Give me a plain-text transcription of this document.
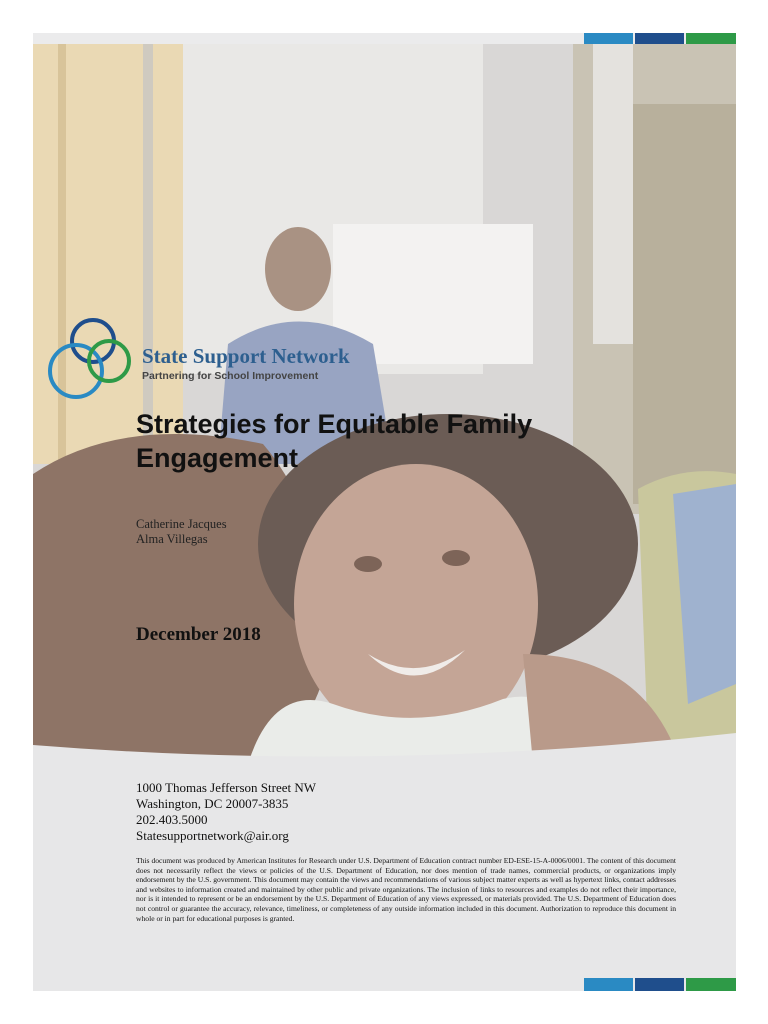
State Support Network
Partnering for School Improvement
Strategies for Equitable Family Engagement
Catherine Jacques
Alma Villegas
December 2018
1000 Thomas Jefferson Street NW
Washington, DC 20007-3835
202.403.5000
Statesupportnetwork@air.org

This document was produced by American Institutes for Research under U.S. Department of Education contract number ED-ESE-15-A-0006/0001. The content of this document does not necessarily reflect the views or policies of the U.S. Department of Education, nor does mention of trade names, commercial products, or organizations imply endorsement by the U.S. government. This document may contain the views and recommendations of various subject matter experts as well as hypertext links, contact addresses and websites to information created and maintained by other public and private organizations. The inclusion of links to resources and examples do not reflect their importance, nor is it intended to represent or be an endorsement by the U.S. Department of Education of any views expressed, or materials provided. The U.S. Department of Education does not control or guarantee the accuracy, relevance, timeliness, or completeness of any outside information included in this document. Authorization to reproduce this document in whole or in part for educational purposes is granted.
